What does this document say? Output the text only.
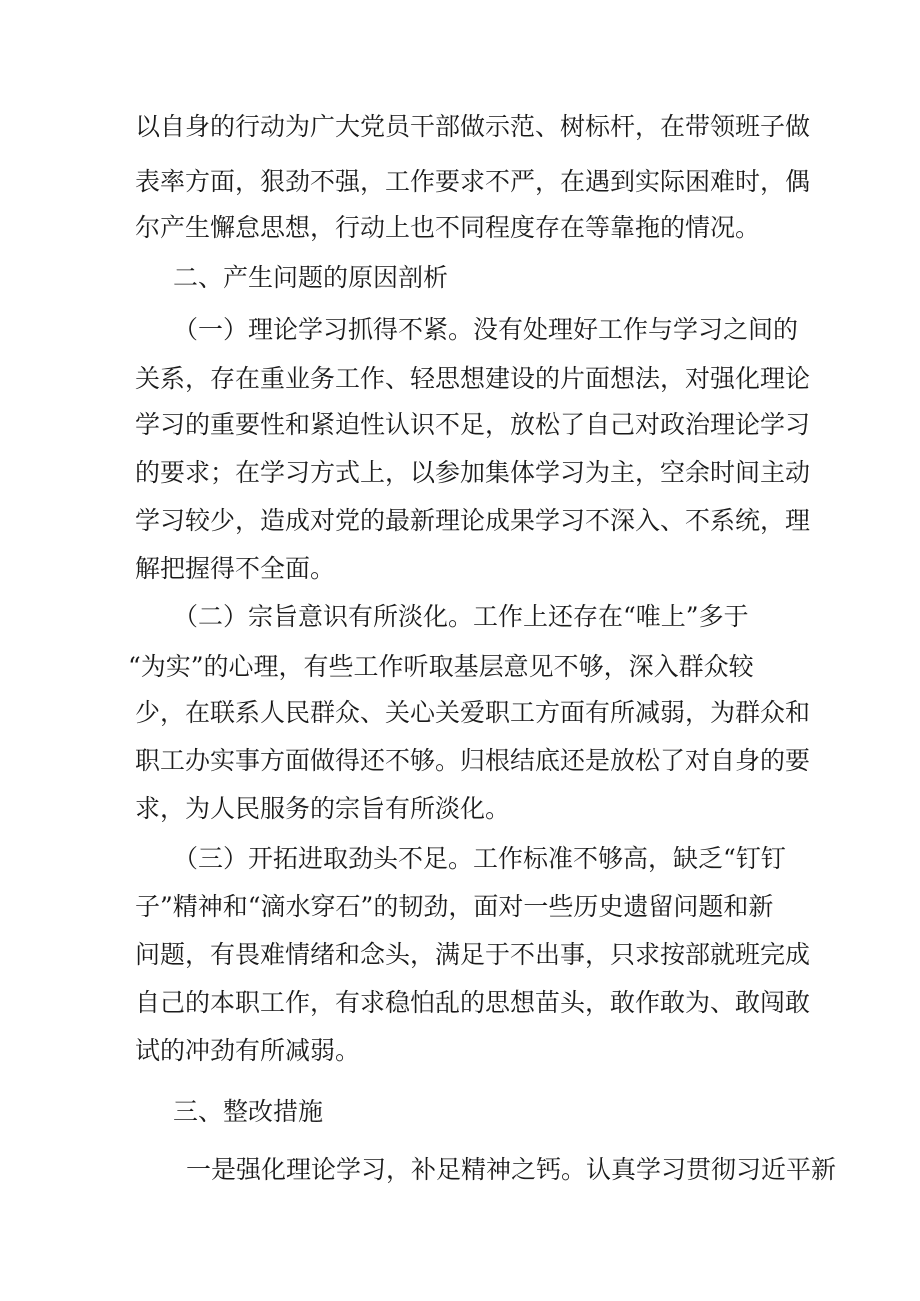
以自身的行动为广大党员干部做示范、树标杆，在带领班子做
表率方面，狠劲不强，工作要求不严，在遇到实际困难时，偶
尔产生懈怠思想，行动上也不同程度存在等靠拖的情况。
二、产生问题的原因剖析
（一）理论学习抓得不紧。没有处理好工作与学习之间的
关系，存在重业务工作、轻思想建设的片面想法，对强化理论
学习的重要性和紧迫性认识不足，放松了自己对政治理论学习
的要求；在学习方式上，以参加集体学习为主，空余时间主动
学习较少，造成对党的最新理论成果学习不深入、不系统，理
解把握得不全面。
（二）宗旨意识有所淡化。工作上还存在“唯上”多于
“为实”的心理，有些工作听取基层意见不够，深入群众较
少，在联系人民群众、关心关爱职工方面有所减弱，为群众和
职工办实事方面做得还不够。归根结底还是放松了对自身的要
求，为人民服务的宗旨有所淡化。
（三）开拓进取劲头不足。工作标准不够高，缺乏“钉钉
子”精神和“滴水穿石”的韧劲，面对一些历史遗留问题和新
问题，有畏难情绪和念头，满足于不出事，只求按部就班完成
自己的本职工作，有求稳怕乱的思想苗头，敢作敢为、敢闯敢
试的冲劲有所减弱。
三、整改措施
一是强化理论学习，补足精神之钙。认真学习贯彻习近平新
